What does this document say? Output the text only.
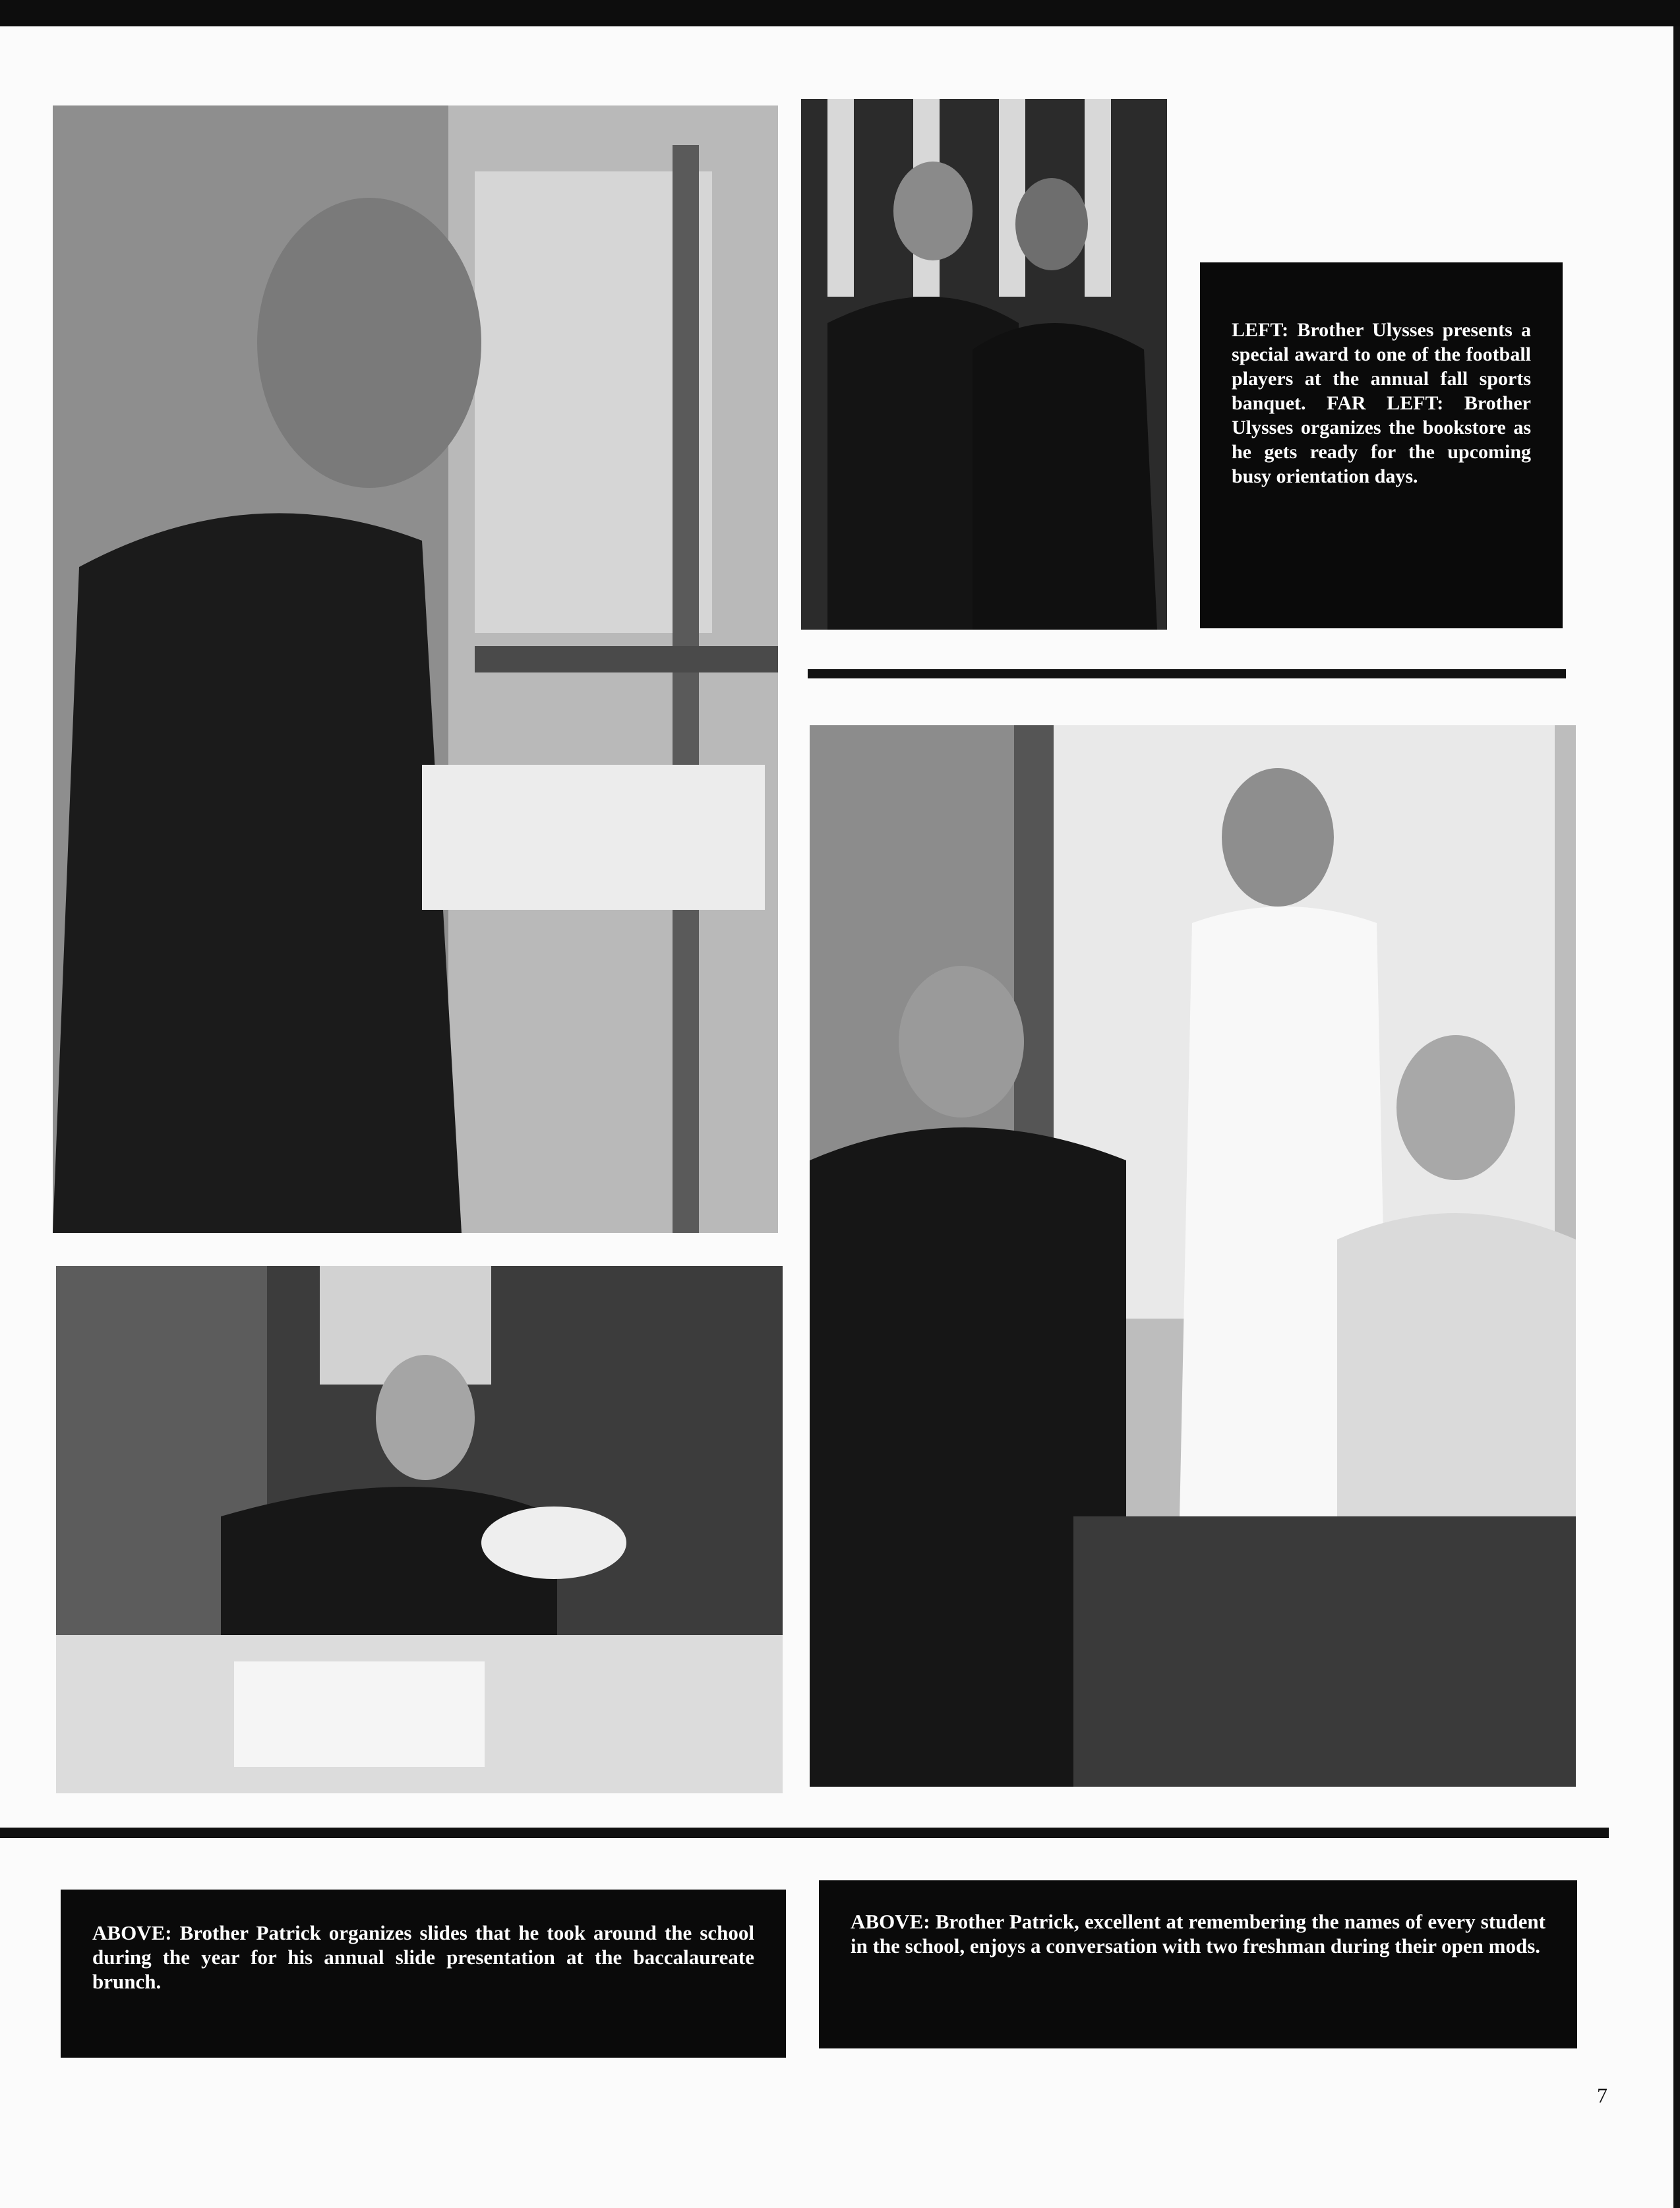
LEFT: Brother Ulysses presents a special award to one of the football players at the annual fall sports banquet. FAR LEFT: Brother Ulysses organizes the bookstore as he gets ready for the upcoming busy orientation days.
ABOVE: Brother Patrick organizes slides that he took around the school during the year for his annual slide presentation at the baccalaureate brunch.
ABOVE: Brother Patrick, excellent at remembering the names of every student in the school, enjoys a conversation with two freshman during their open mods.
7
